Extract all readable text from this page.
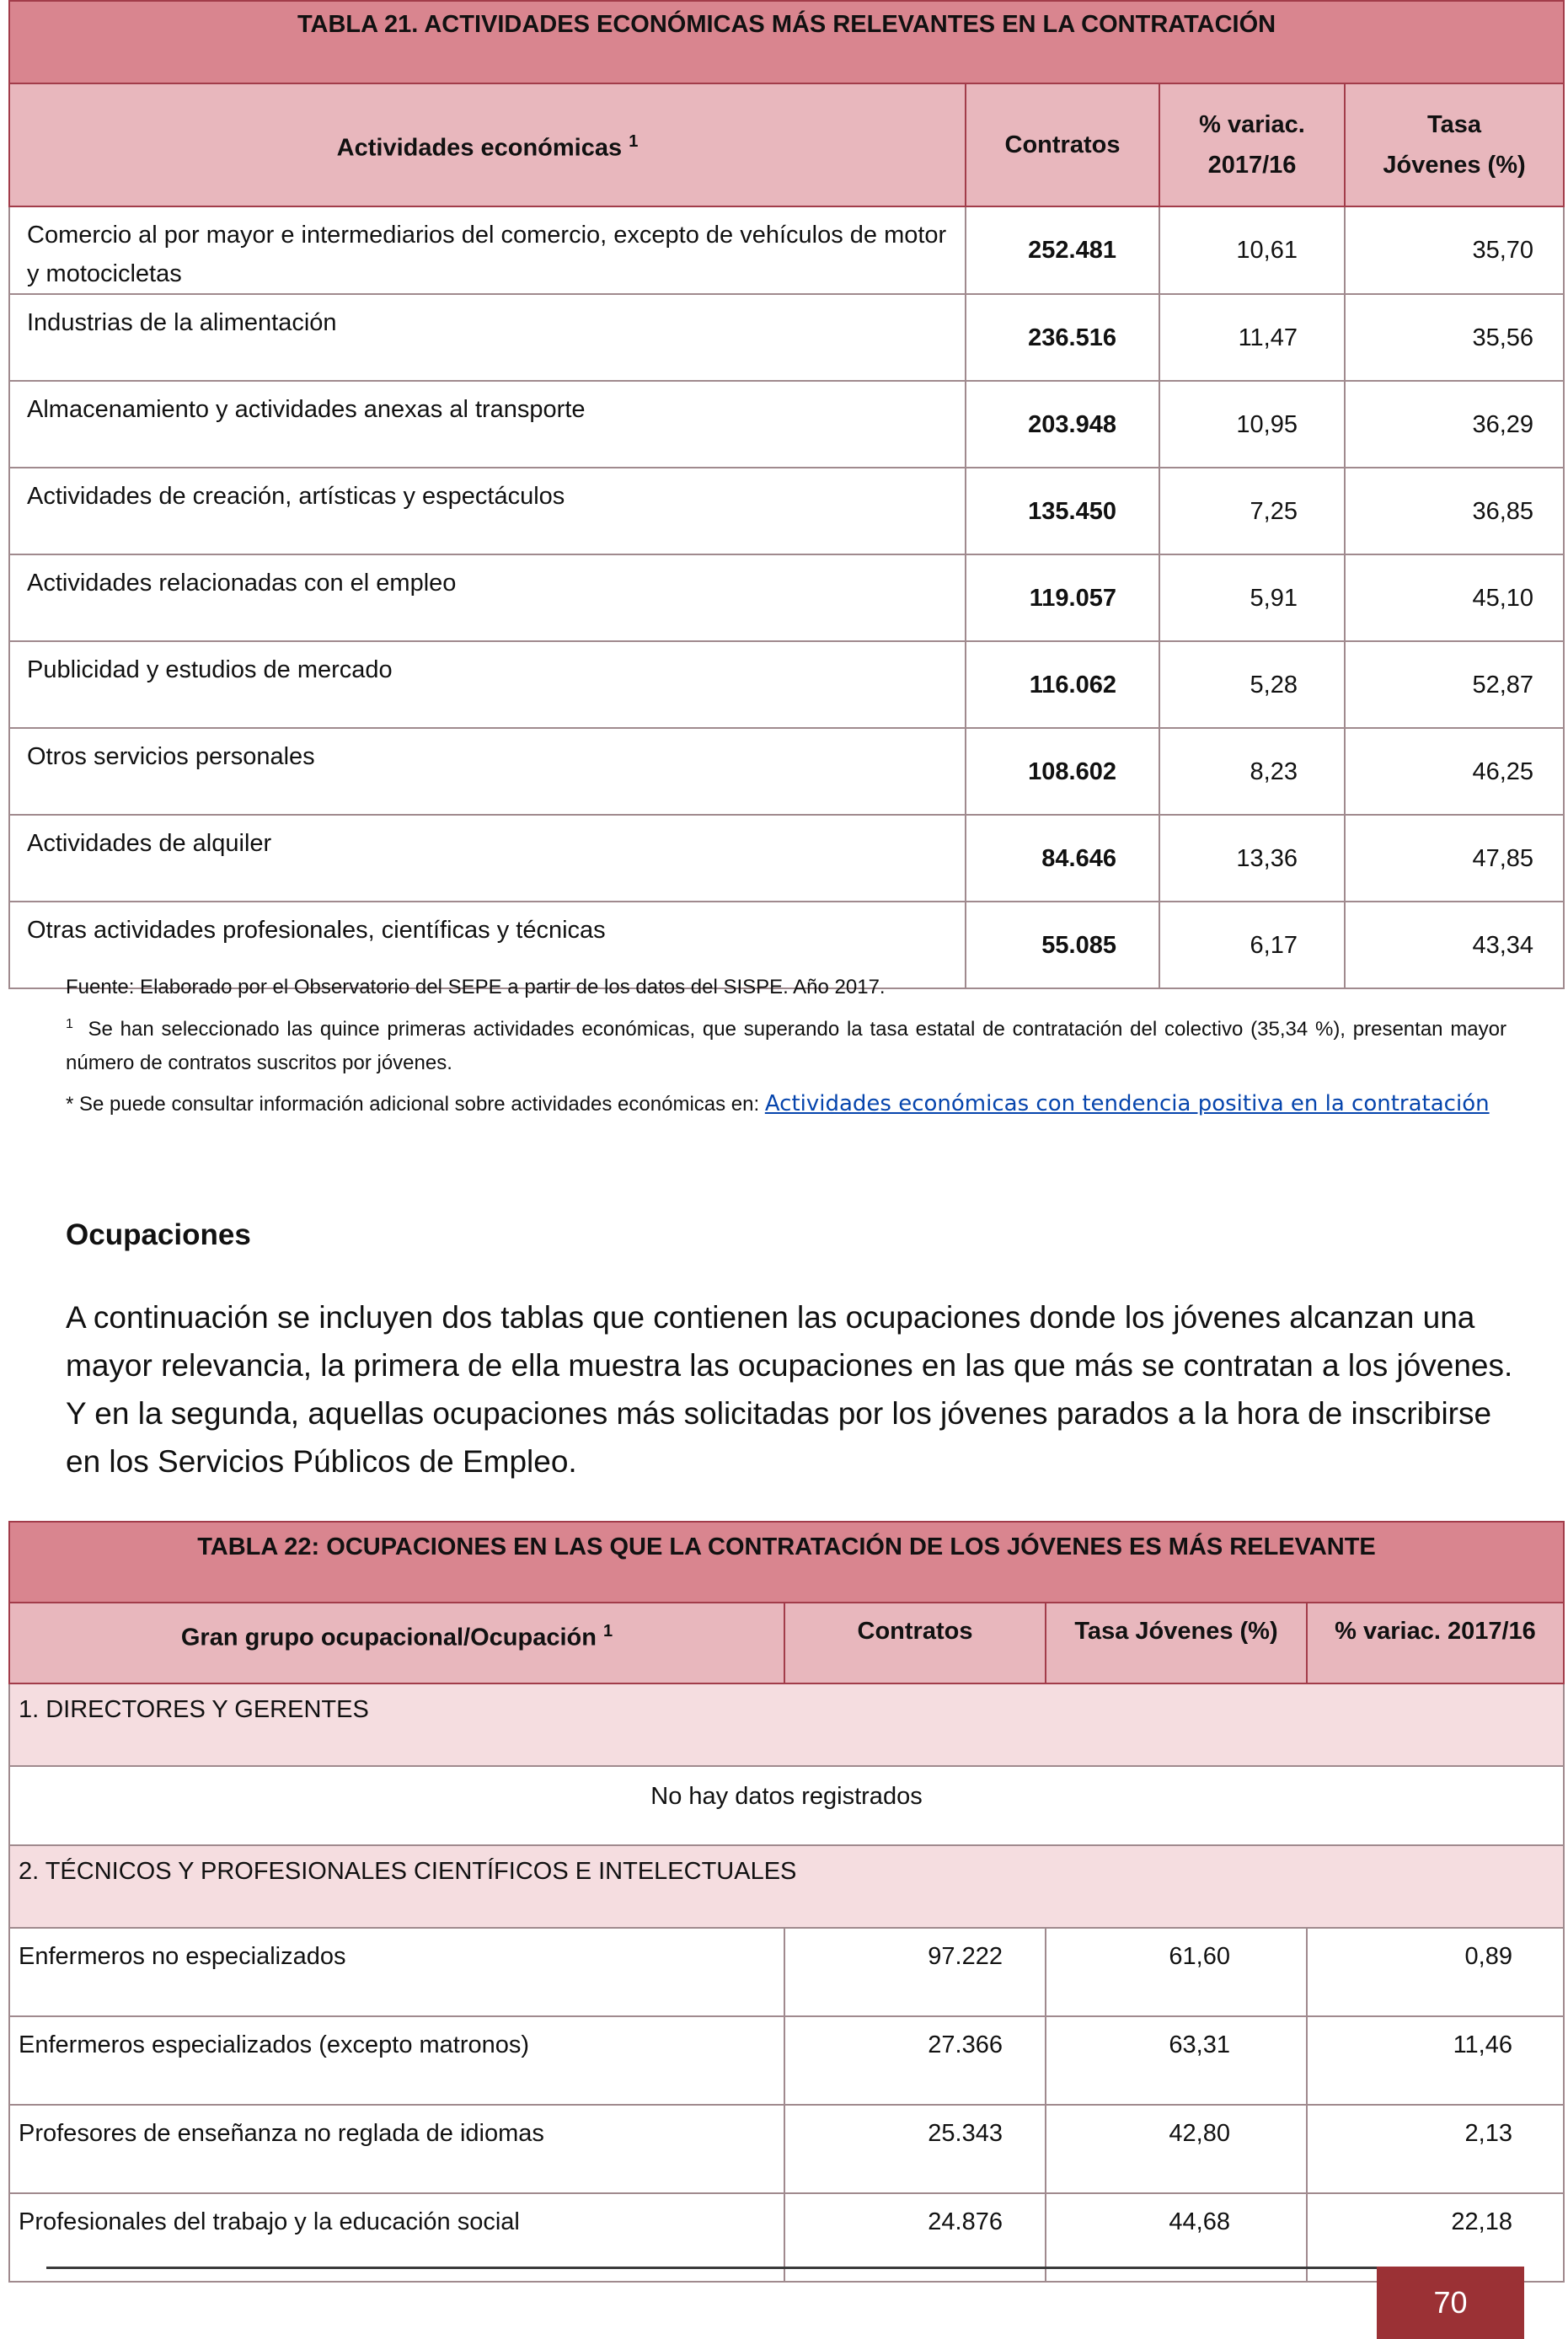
TABLA 21. ACTIVIDADES ECONÓMICAS MÁS RELEVANTES EN LA CONTRATACIÓN			
Actividades económicas $^1$	Contratos	% variac. 2017/16	Tasa Jóvenes (%)
Comercio al por mayor e intermediarios del comercio, excepto de vehículos de motor y motocicletas	252.481	10,61	35,70
Industrias de la alimentación	236.516	11,47	35,56
Almacenamiento y actividades anexas al transporte	203.948	10,95	36,29
Actividades de creación, artísticas y espectáculos	135.450	7,25	36,85
Actividades relacionadas con el empleo	119.057	5,91	45,10
Publicidad y estudios de mercado	116.062	5,28	52,87
Otros servicios personales	108.602	8,23	46,25
Actividades de alquiler	84.646	13,36	47,85
Otras actividades profesionales, científicas y técnicas	55.085	6,17	43,34
Fuente: Elaborado por el Observatorio del SEPE a partir de los datos del SISPE. Año 2017.
$^1$ Se han seleccionado las quince primeras actividades económicas, que superando la tasa estatal de contratación del colectivo (35,34 %), presentan mayor número de contratos suscritos por jóvenes.
* Se puede consultar información adicional sobre actividades económicas en: Actividades económicas con tendencia positiva en la contratación
Ocupaciones
A continuación se incluyen dos tablas que contienen las ocupaciones donde los jóvenes alcanzan una mayor relevancia, la primera de ella muestra las ocupaciones en las que más se contratan a los jóvenes. Y en la segunda, aquellas ocupaciones más solicitadas por los jóvenes parados a la hora de inscribirse en los Servicios Públicos de Empleo.
TABLA 22: OCUPACIONES EN LAS QUE LA CONTRATACIÓN DE LOS JÓVENES ES MÁS RELEVANTE			
Gran grupo ocupacional/Ocupación $^1$	Contratos	Tasa Jóvenes (%)	% variac. 2017/16
1. DIRECTORES Y GERENTES			
No hay datos registrados			
2. TÉCNICOS Y PROFESIONALES CIENTÍFICOS E INTELECTUALES			
Enfermeros no especializados	97.222	61,60	0,89
Enfermeros especializados (excepto matronos)	27.366	63,31	11,46
Profesores de enseñanza no reglada de idiomas	25.343	42,80	2,13
Profesionales del trabajo y la educación social	24.876	44,68	22,18
70
